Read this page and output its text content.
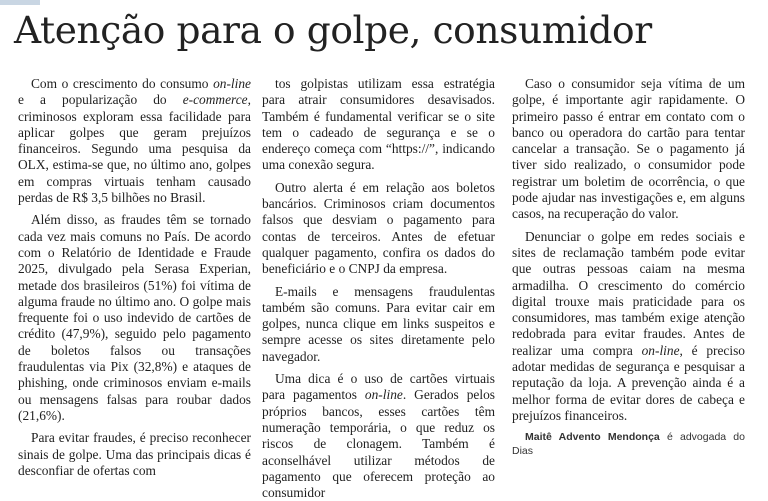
Atenção para o golpe, consumidor

Com o crescimento do consumo on-line e a popularização do e-commerce, criminosos exploram essa facilidade para aplicar golpes que geram prejuízos financeiros. Segundo uma pesquisa da OLX, estima-se que, no último ano, golpes em compras virtuais tenham causado perdas de R$ 3,5 bilhões no Brasil.

Além disso, as fraudes têm se tornado cada vez mais comuns no País. De acordo com o Relatório de Identidade e Fraude 2025, divulgado pela Serasa Experian, metade dos brasileiros (51%) foi vítima de alguma fraude no último ano. O golpe mais frequente foi o uso indevido de cartões de crédito (47,9%), seguido pelo pagamento de boletos falsos ou transações fraudulentas via Pix (32,8%) e ataques de phishing, onde criminosos enviam e-mails ou mensagens falsas para roubar dados (21,6%).

Para evitar fraudes, é preciso reconhecer sinais de golpe. Uma das principais dicas é desconfiar de ofertas com

tos golpistas utilizam essa estratégia para atrair consumidores desavisados. Também é fundamental verificar se o site tem o cadeado de segurança e se o endereço começa com “https://”, indicando uma conexão segura.

Outro alerta é em relação aos boletos bancários. Criminosos criam documentos falsos que desviam o pagamento para contas de terceiros. Antes de efetuar qualquer pagamento, confira os dados do beneficiário e o CNPJ da empresa.

E-mails e mensagens fraudulentas também são comuns. Para evitar cair em golpes, nunca clique em links suspeitos e sempre acesse os sites diretamente pelo navegador.

Uma dica é o uso de cartões virtuais para pagamentos on-line. Gerados pelos próprios bancos, esses cartões têm numeração temporária, o que reduz os riscos de clonagem. Também é aconselhável utilizar métodos de pagamento que oferecem proteção ao consumidor

Caso o consumidor seja vítima de um golpe, é importante agir rapidamente. O primeiro passo é entrar em contato com o banco ou operadora do cartão para tentar cancelar a transação. Se o pagamento já tiver sido realizado, o consumidor pode registrar um boletim de ocorrência, o que pode ajudar nas investigações e, em alguns casos, na recuperação do valor.

Denunciar o golpe em redes sociais e sites de reclamação também pode evitar que outras pessoas caiam na mesma armadilha. O crescimento do comércio digital trouxe mais praticidade para os consumidores, mas também exige atenção redobrada para evitar fraudes. Antes de realizar uma compra on-line, é preciso adotar medidas de segurança e pesquisar a reputação da loja. A prevenção ainda é a melhor forma de evitar dores de cabeça e prejuízos financeiros.

Maitê Advento Mendonça é advogada do Dias
